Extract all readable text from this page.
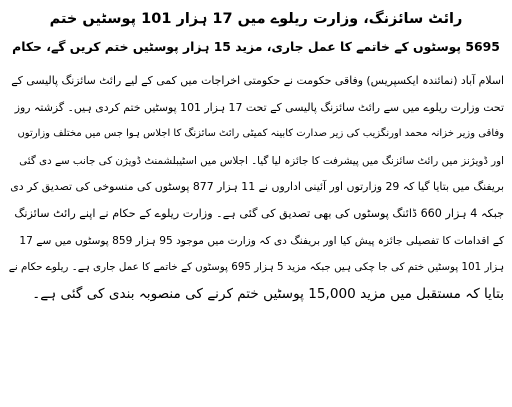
رائٹ سائزنگ، وزارت ریلوے میں 17 ہزار 101 پوسٹیں ختم
5695 پوسٹوں کے خاتمے کا عمل جاری، مزید 15 ہزار پوسٹیں ختم کریں گے، حکام
اسلام آباد (نمائندہ ایکسپریس) وفاقی حکومت نے حکومتی اخراجات میں کمی کے لیے رائٹ سائزنگ پالیسی کے
تحت وزارت ریلوے میں سے رائٹ سائزنگ پالیسی کے تحت 17 ہزار 101 پوسٹیں ختم کردی ہیں۔ گزشتہ روز
وفاقی وزیر خزانہ محمد اورنگزیب کی زیر صدارت کابینہ کمیٹی رائٹ سائزنگ کا اجلاس ہوا جس میں مختلف وزارتوں
اور ڈویژنز میں رائٹ سائزنگ میں پیشرفت کا جائزہ لیا گیا۔ اجلاس میں اسٹیبلشمنٹ ڈویژن کی جانب سے دی گئی
بریفنگ میں بتایا گیا کہ 29 وزارتوں اور آئینی اداروں نے 11 ہزار 877 پوسٹوں کی منسوخی کی تصدیق کر دی
جبکہ 4 ہزار 660 ڈائنگ پوسٹوں کی بھی تصدیق کی گئی ہے۔ وزارت ریلوے کے حکام نے اپنے رائٹ سائزنگ
کے اقدامات کا تفصیلی جائزہ پیش کیا اور بریفنگ دی کہ وزارت میں موجود 95 ہزار 859 پوسٹوں میں سے 17
ہزار 101 پوسٹیں ختم کی جا چکی ہیں جبکہ مزید 5 ہزار 695 پوسٹوں کے خاتمے کا عمل جاری ہے۔ ریلوے حکام نے
بتایا کہ مستقبل میں مزید 15,000 پوسٹیں ختم کرنے کی منصوبہ بندی کی گئی ہے۔
